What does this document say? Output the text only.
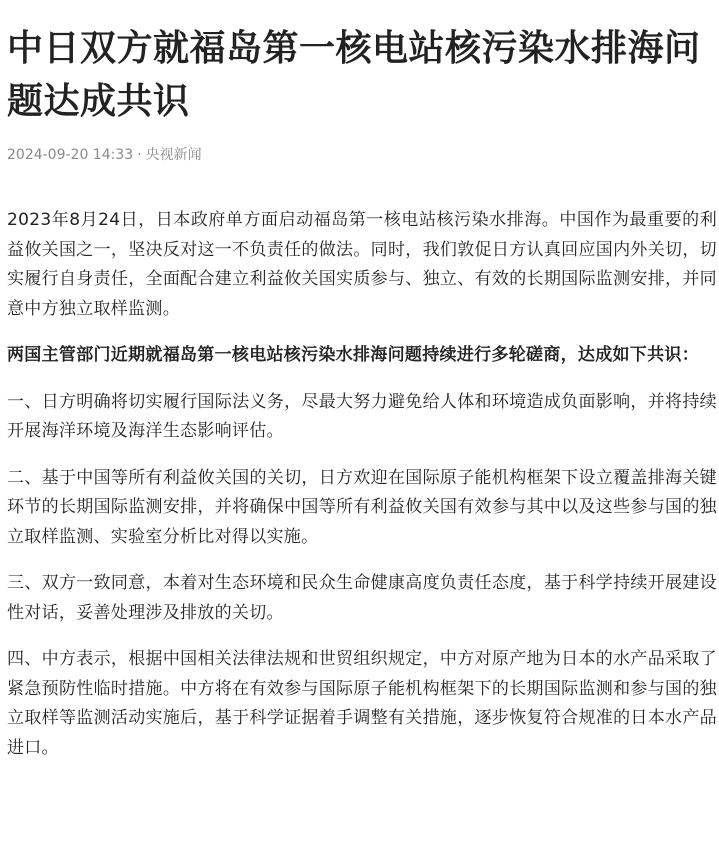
中日双方就福岛第一核电站核污染水排海问题达成共识
2024-09-20 14:33 · 央视新闻

2023年8月24日，日本政府单方面启动福岛第一核电站核污染水排海。中国作为最重要的利益攸关国之一，坚决反对这一不负责任的做法。同时，我们敦促日方认真回应国内外关切，切实履行自身责任，全面配合建立利益攸关国实质参与、独立、有效的长期国际监测安排，并同意中方独立取样监测。

两国主管部门近期就福岛第一核电站核污染水排海问题持续进行多轮磋商，达成如下共识：

一、日方明确将切实履行国际法义务，尽最大努力避免给人体和环境造成负面影响，并将持续开展海洋环境及海洋生态影响评估。

二、基于中国等所有利益攸关国的关切，日方欢迎在国际原子能机构框架下设立覆盖排海关键环节的长期国际监测安排，并将确保中国等所有利益攸关国有效参与其中以及这些参与国的独立取样监测、实验室分析比对得以实施。

三、双方一致同意，本着对生态环境和民众生命健康高度负责任态度，基于科学持续开展建设性对话，妥善处理涉及排放的关切。

四、中方表示，根据中国相关法律法规和世贸组织规定，中方对原产地为日本的水产品采取了紧急预防性临时措施。中方将在有效参与国际原子能机构框架下的长期国际监测和参与国的独立取样等监测活动实施后，基于科学证据着手调整有关措施，逐步恢复符合规准的日本水产品进口。
